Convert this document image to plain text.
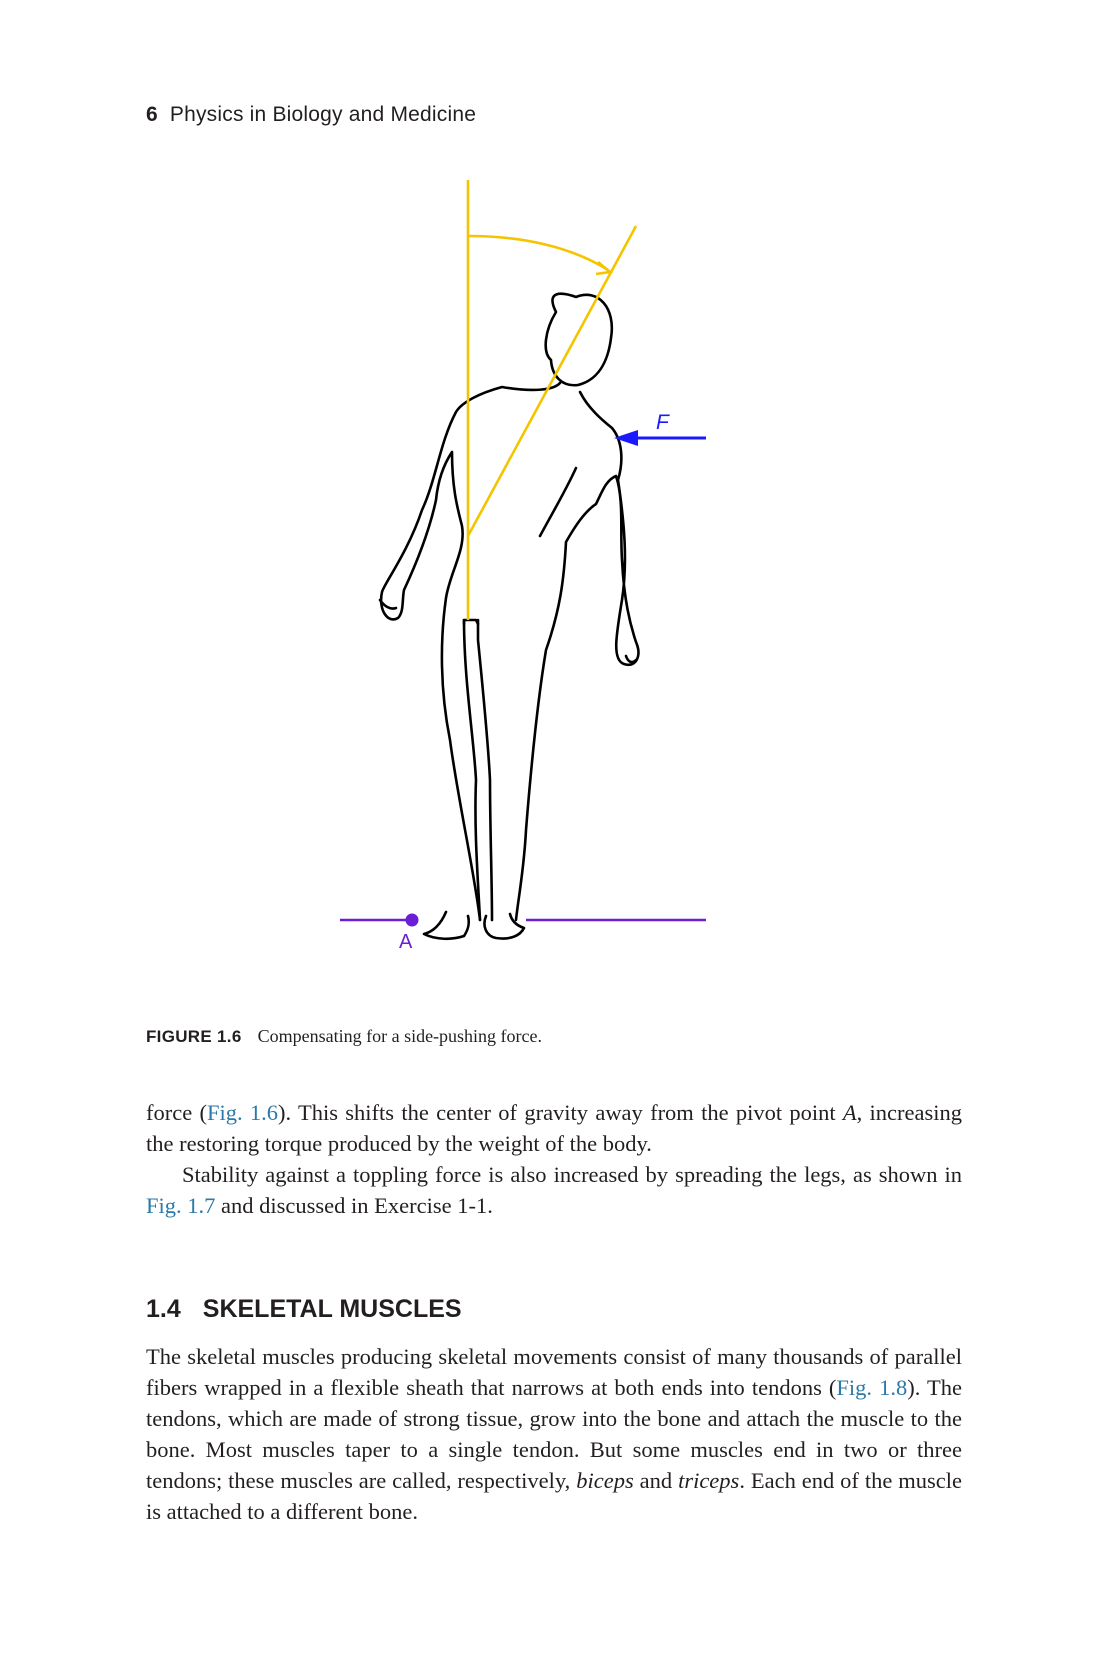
6 Physics in Biology and Medicine
F
A
FIGURE 1.6 Compensating for a side-pushing force.

force (Fig. 1.6). This shifts the center of gravity away from the pivot point A, increasing the restoring torque produced by the weight of the body.

Stability against a toppling force is also increased by spreading the legs, as shown in Fig. 1.7 and discussed in Exercise 1-1.

1.4 SKELETAL MUSCLES

The skeletal muscles producing skeletal movements consist of many thousands of parallel fibers wrapped in a flexible sheath that narrows at both ends into tendons (Fig. 1.8). The tendons, which are made of strong tissue, grow into the bone and attach the muscle to the bone. Most muscles taper to a single tendon. But some muscles end in two or three tendons; these muscles are called, respectively, biceps and triceps. Each end of the muscle is attached to a different bone.
